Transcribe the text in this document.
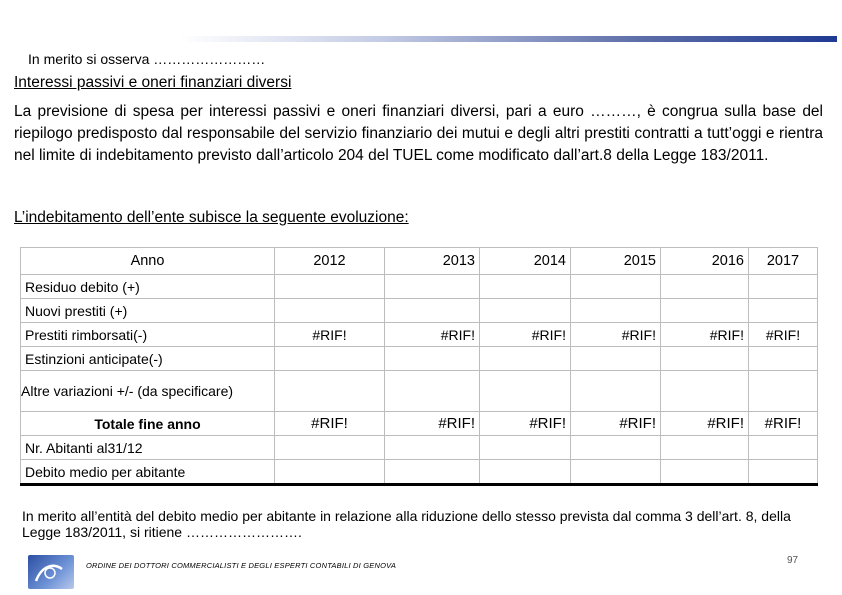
In merito si osserva ……………………
Interessi passivi e oneri finanziari diversi
La previsione di spesa per interessi passivi e oneri finanziari diversi, pari a euro ………, è congrua sulla base del riepilogo predisposto dal responsabile del servizio finanziario dei mutui e degli altri prestiti contratti a tutt’oggi e rientra nel limite di indebitamento previsto dall’articolo 204 del TUEL come modificato dall’art.8 della Legge 183/2011.
L’indebitamento dell’ente subisce la seguente evoluzione:
Anno	2012	2013	2014	2015	2016	2017
Residuo debito (+)						
Nuovi prestiti (+)						
Prestiti rimborsati(-)	#RIF!	#RIF!	#RIF!	#RIF!	#RIF!	#RIF!
Estinzioni anticipate(-)						
Altre variazioni +/- (da specificare)						
Totale fine anno	#RIF!	#RIF!	#RIF!	#RIF!	#RIF!	#RIF!
Nr. Abitanti al31/12						
Debito medio per abitante						
In merito all’entità del debito medio per abitante in relazione alla riduzione dello stesso prevista dal comma 3 dell’art. 8, della Legge 183/2011, si ritiene …………………….
ORDINE DEI DOTTORI COMMERCIALISTI E DEGLI ESPERTI CONTABILI DI GENOVA	97
